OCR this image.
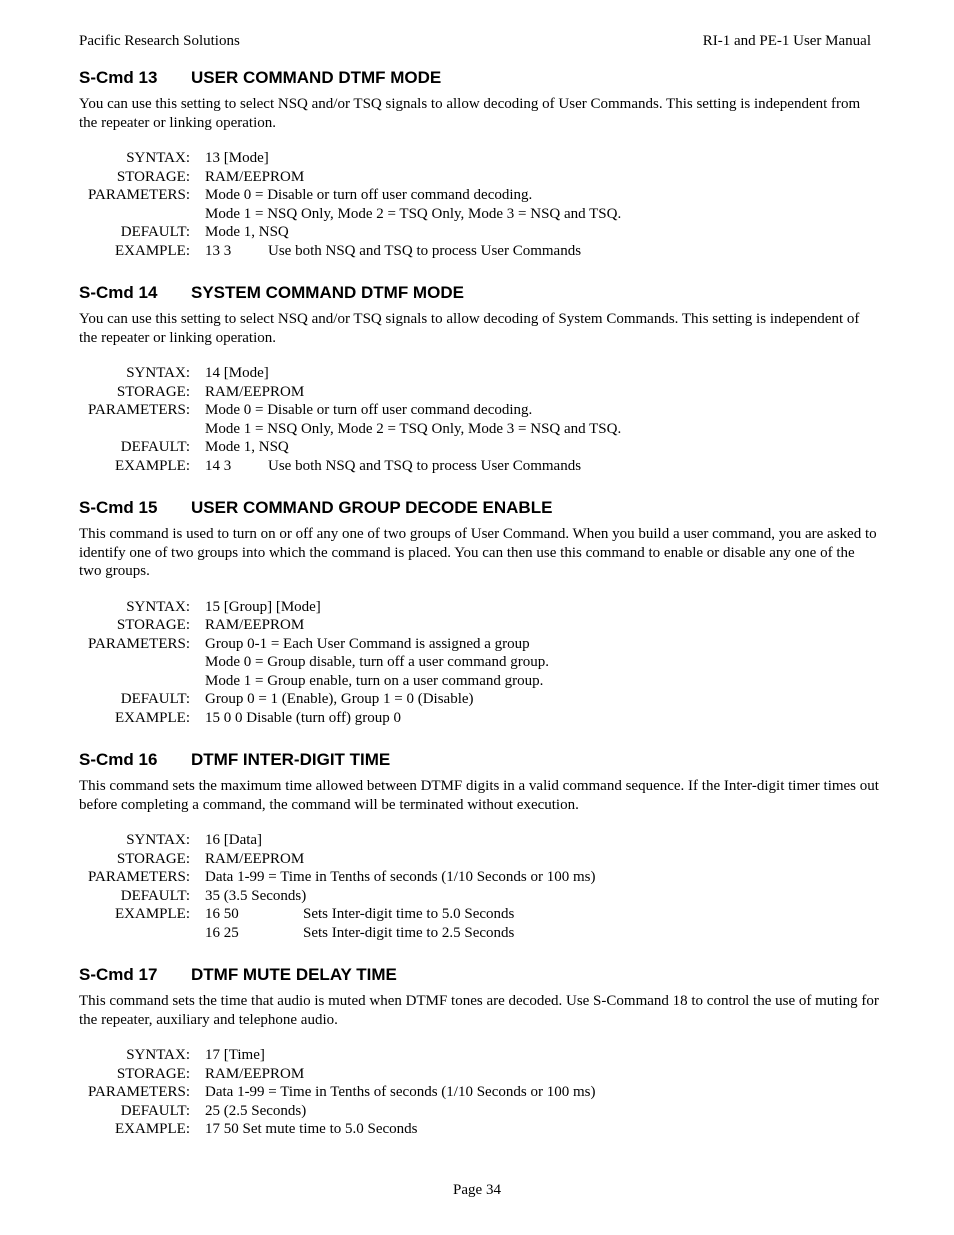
Pacific Research Solutions	RI-1 and PE-1 User Manual
S-Cmd 13 USER COMMAND DTMF MODE
You can use this setting to select NSQ and/or TSQ signals to allow decoding of User Commands. This setting is independent from the repeater or linking operation.
SYNTAX: 13 [Mode]
STORAGE: RAM/EEPROM
PARAMETERS: Mode 0 = Disable or turn off user command decoding.
Mode 1 = NSQ Only, Mode 2 = TSQ Only, Mode 3 = NSQ and TSQ.
DEFAULT: Mode 1, NSQ
EXAMPLE: 13 3 Use both NSQ and TSQ to process User Commands
S-Cmd 14 SYSTEM COMMAND DTMF MODE
You can use this setting to select NSQ and/or TSQ signals to allow decoding of System Commands. This setting is independent of the repeater or linking operation.
SYNTAX: 14 [Mode]
STORAGE: RAM/EEPROM
PARAMETERS: Mode 0 = Disable or turn off user command decoding.
Mode 1 = NSQ Only, Mode 2 = TSQ Only, Mode 3 = NSQ and TSQ.
DEFAULT: Mode 1, NSQ
EXAMPLE: 14 3 Use both NSQ and TSQ to process User Commands
S-Cmd 15 USER COMMAND GROUP DECODE ENABLE
This command is used to turn on or off any one of two groups of User Command. When you build a user command, you are asked to identify one of two groups into which the command is placed. You can then use this command to enable or disable any one of the two groups.
SYNTAX: 15 [Group] [Mode]
STORAGE: RAM/EEPROM
PARAMETERS: Group 0-1 = Each User Command is assigned a group
Mode 0 = Group disable, turn off a user command group.
Mode 1 = Group enable, turn on a user command group.
DEFAULT: Group 0 = 1 (Enable), Group 1 = 0 (Disable)
EXAMPLE: 15 0 0 Disable (turn off) group 0
S-Cmd 16 DTMF INTER-DIGIT TIME
This command sets the maximum time allowed between DTMF digits in a valid command sequence. If the Inter-digit timer times out before completing a command, the command will be terminated without execution.
SYNTAX: 16 [Data]
STORAGE: RAM/EEPROM
PARAMETERS: Data 1-99 = Time in Tenths of seconds (1/10 Seconds or 100 ms)
DEFAULT: 35 (3.5 Seconds)
EXAMPLE: 16 50	Sets Inter-digit time to 5.0 Seconds
16 25	Sets Inter-digit time to 2.5 Seconds
S-Cmd 17 DTMF MUTE DELAY TIME
This command sets the time that audio is muted when DTMF tones are decoded. Use S-Command 18 to control the use of muting for the repeater, auxiliary and telephone audio.
SYNTAX: 17 [Time]
STORAGE: RAM/EEPROM
PARAMETERS: Data 1-99 = Time in Tenths of seconds (1/10 Seconds or 100 ms)
DEFAULT: 25 (2.5 Seconds)
EXAMPLE: 17 50 Set mute time to 5.0 Seconds
Page 34
